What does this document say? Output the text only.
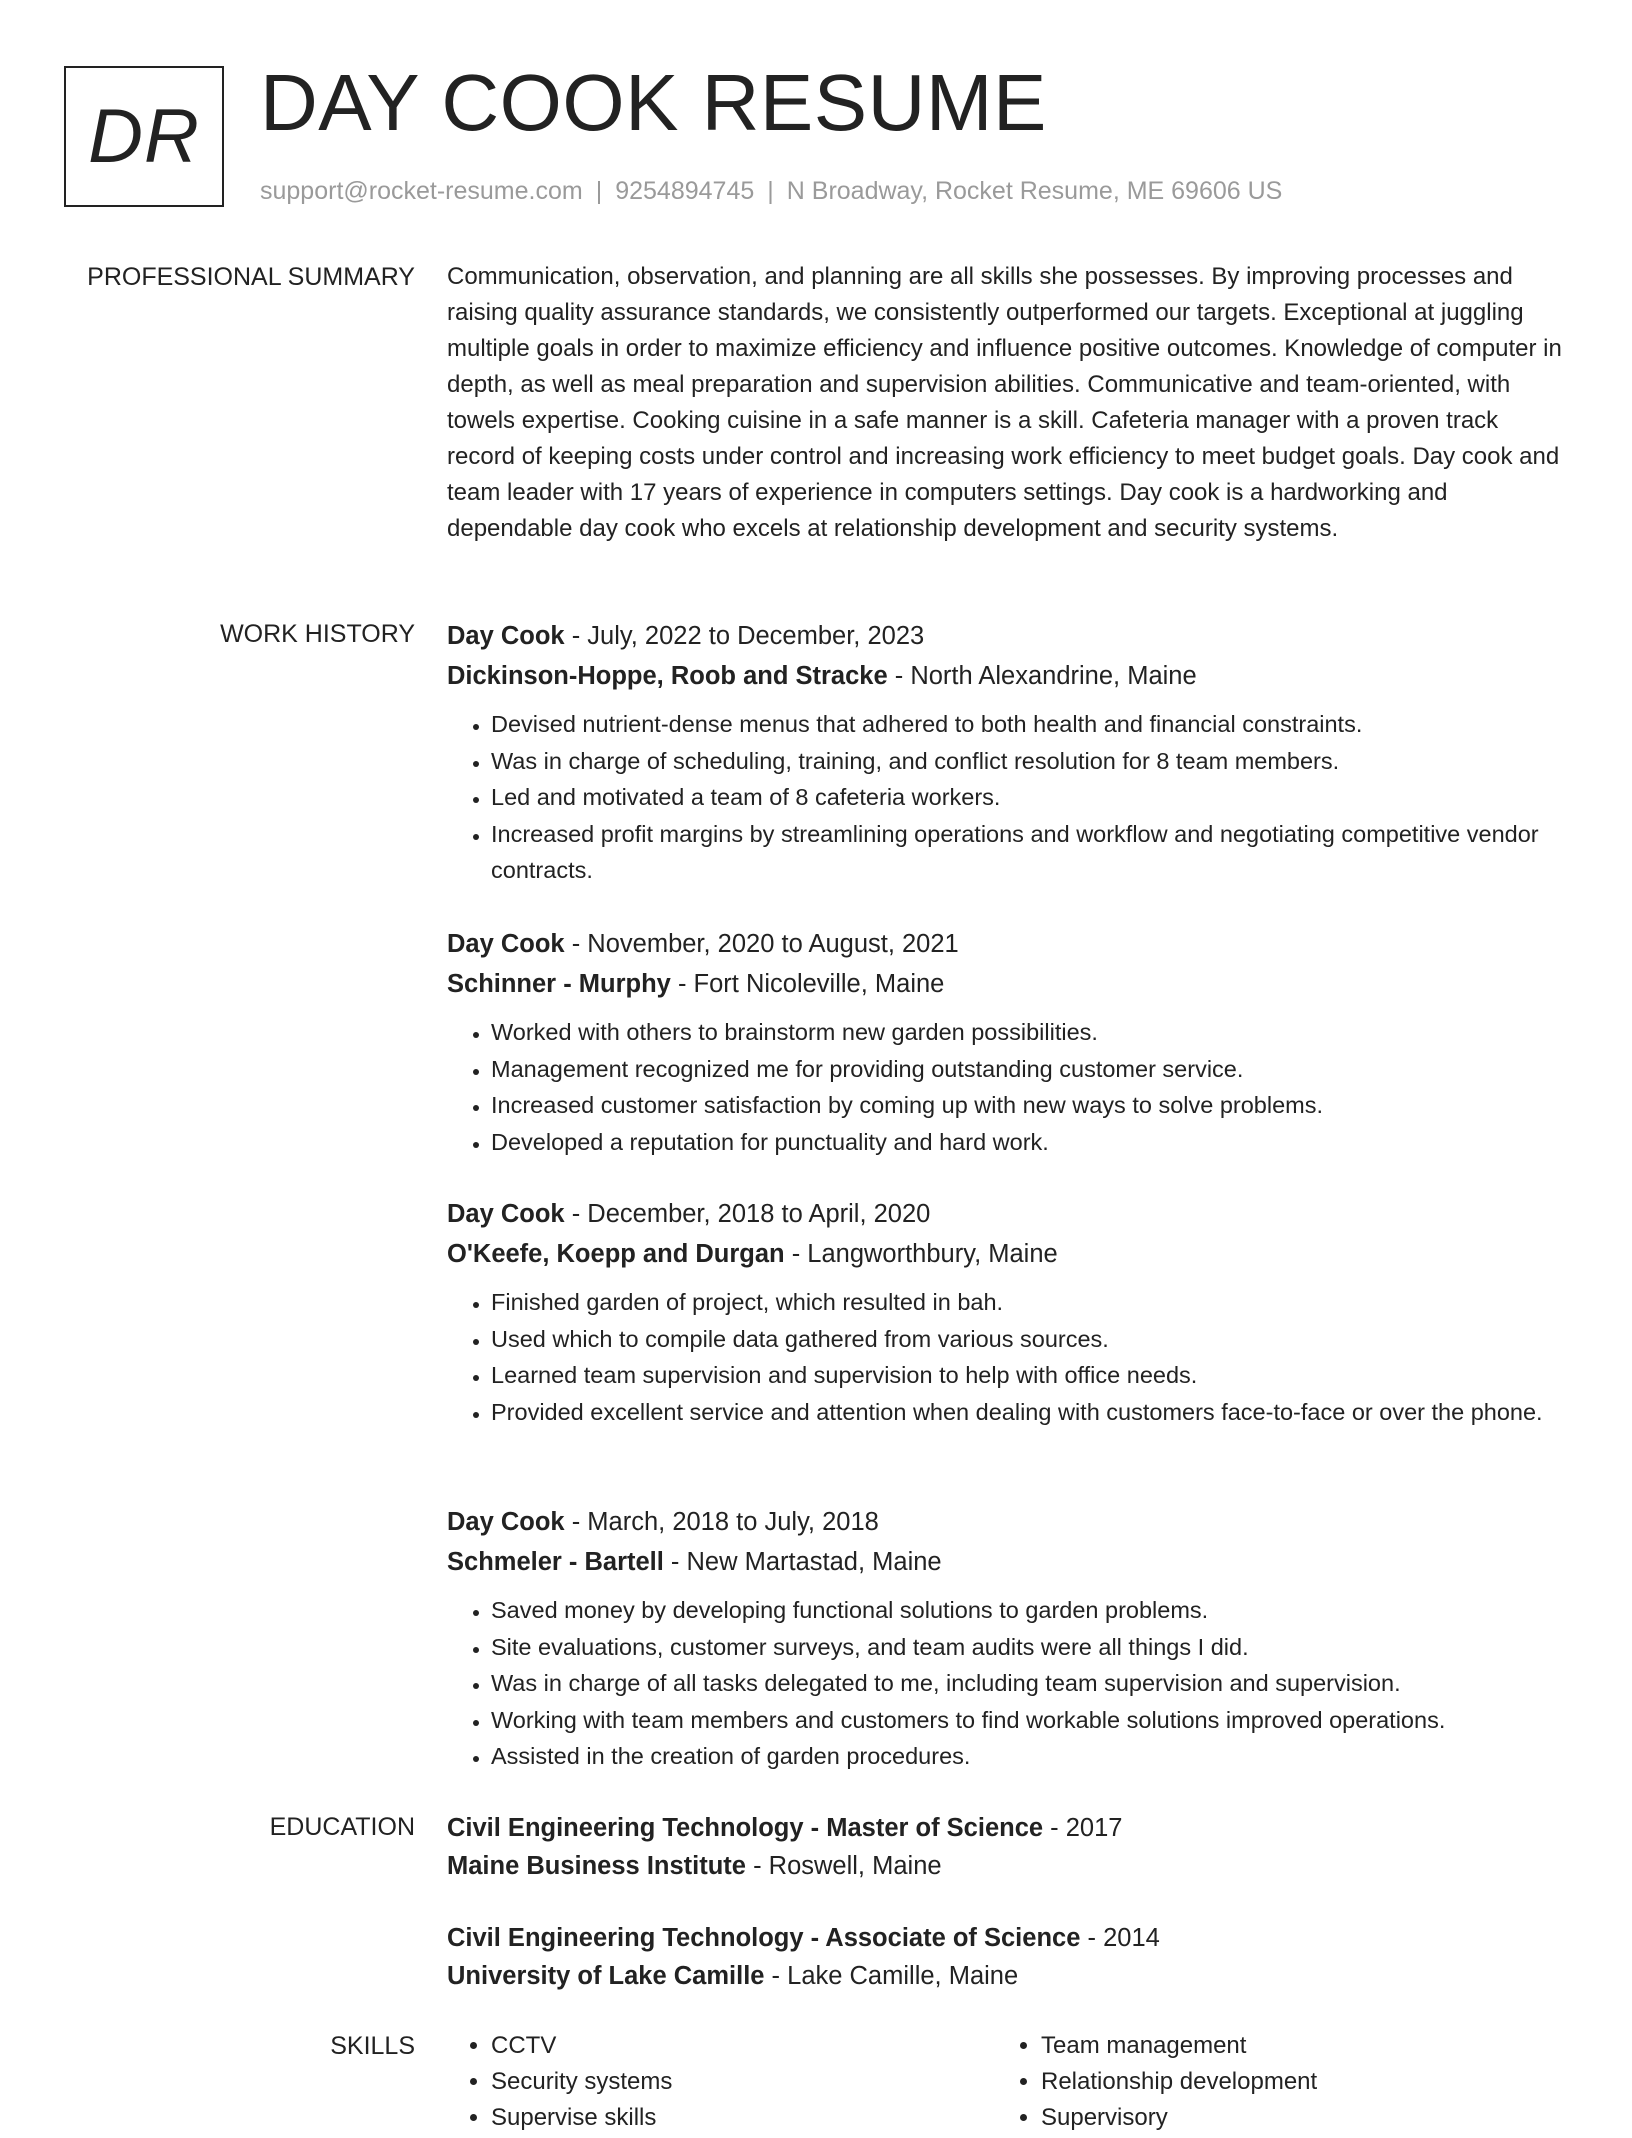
DR DAY COOK RESUME
support@rocket-resume.com | 9254894745 | N Broadway, Rocket Resume, ME 69606 US
PROFESSIONAL SUMMARY Communication, observation, and planning are all skills she possesses. By improving processes and raising quality assurance standards, we consistently outperformed our targets. Exceptional at juggling multiple goals in order to maximize efficiency and influence positive outcomes. Knowledge of computer in depth, as well as meal preparation and supervision abilities. Communicative and team-oriented, with towels expertise. Cooking cuisine in a safe manner is a skill. Cafeteria manager with a proven track record of keeping costs under control and increasing work efficiency to meet budget goals. Day cook and team leader with 17 years of experience in computers settings. Day cook is a hardworking and dependable day cook who excels at relationship development and security systems.

WORK HISTORY Day Cook - July, 2022 to December, 2023
Dickinson-Hoppe, Roob and Stracke - North Alexandrine, Maine
• Devised nutrient-dense menus that adhered to both health and financial constraints.
• Was in charge of scheduling, training, and conflict resolution for 8 team members.
• Led and motivated a team of 8 cafeteria workers.
• Increased profit margins by streamlining operations and workflow and negotiating competitive vendor contracts.
Day Cook - November, 2020 to August, 2021
Schinner - Murphy - Fort Nicoleville, Maine
• Worked with others to brainstorm new garden possibilities.
• Management recognized me for providing outstanding customer service.
• Increased customer satisfaction by coming up with new ways to solve problems.
• Developed a reputation for punctuality and hard work.
Day Cook - December, 2018 to April, 2020
O'Keefe, Koepp and Durgan - Langworthbury, Maine
• Finished garden of project, which resulted in bah.
• Used which to compile data gathered from various sources.
• Learned team supervision and supervision to help with office needs.
• Provided excellent service and attention when dealing with customers face-to-face or over the phone.
Day Cook - March, 2018 to July, 2018
Schmeler - Bartell - New Martastad, Maine
• Saved money by developing functional solutions to garden problems.
• Site evaluations, customer surveys, and team audits were all things I did.
• Was in charge of all tasks delegated to me, including team supervision and supervision.
• Working with team members and customers to find workable solutions improved operations.
• Assisted in the creation of garden procedures.
EDUCATION Civil Engineering Technology - Master of Science - 2017
Maine Business Institute - Roswell, Maine
Civil Engineering Technology - Associate of Science - 2014
University of Lake Camille - Lake Camille, Maine
SKILLS
•	CCTV
• Security systems
• Supervise skills
• Team management
• Relationship development
• Supervisory
